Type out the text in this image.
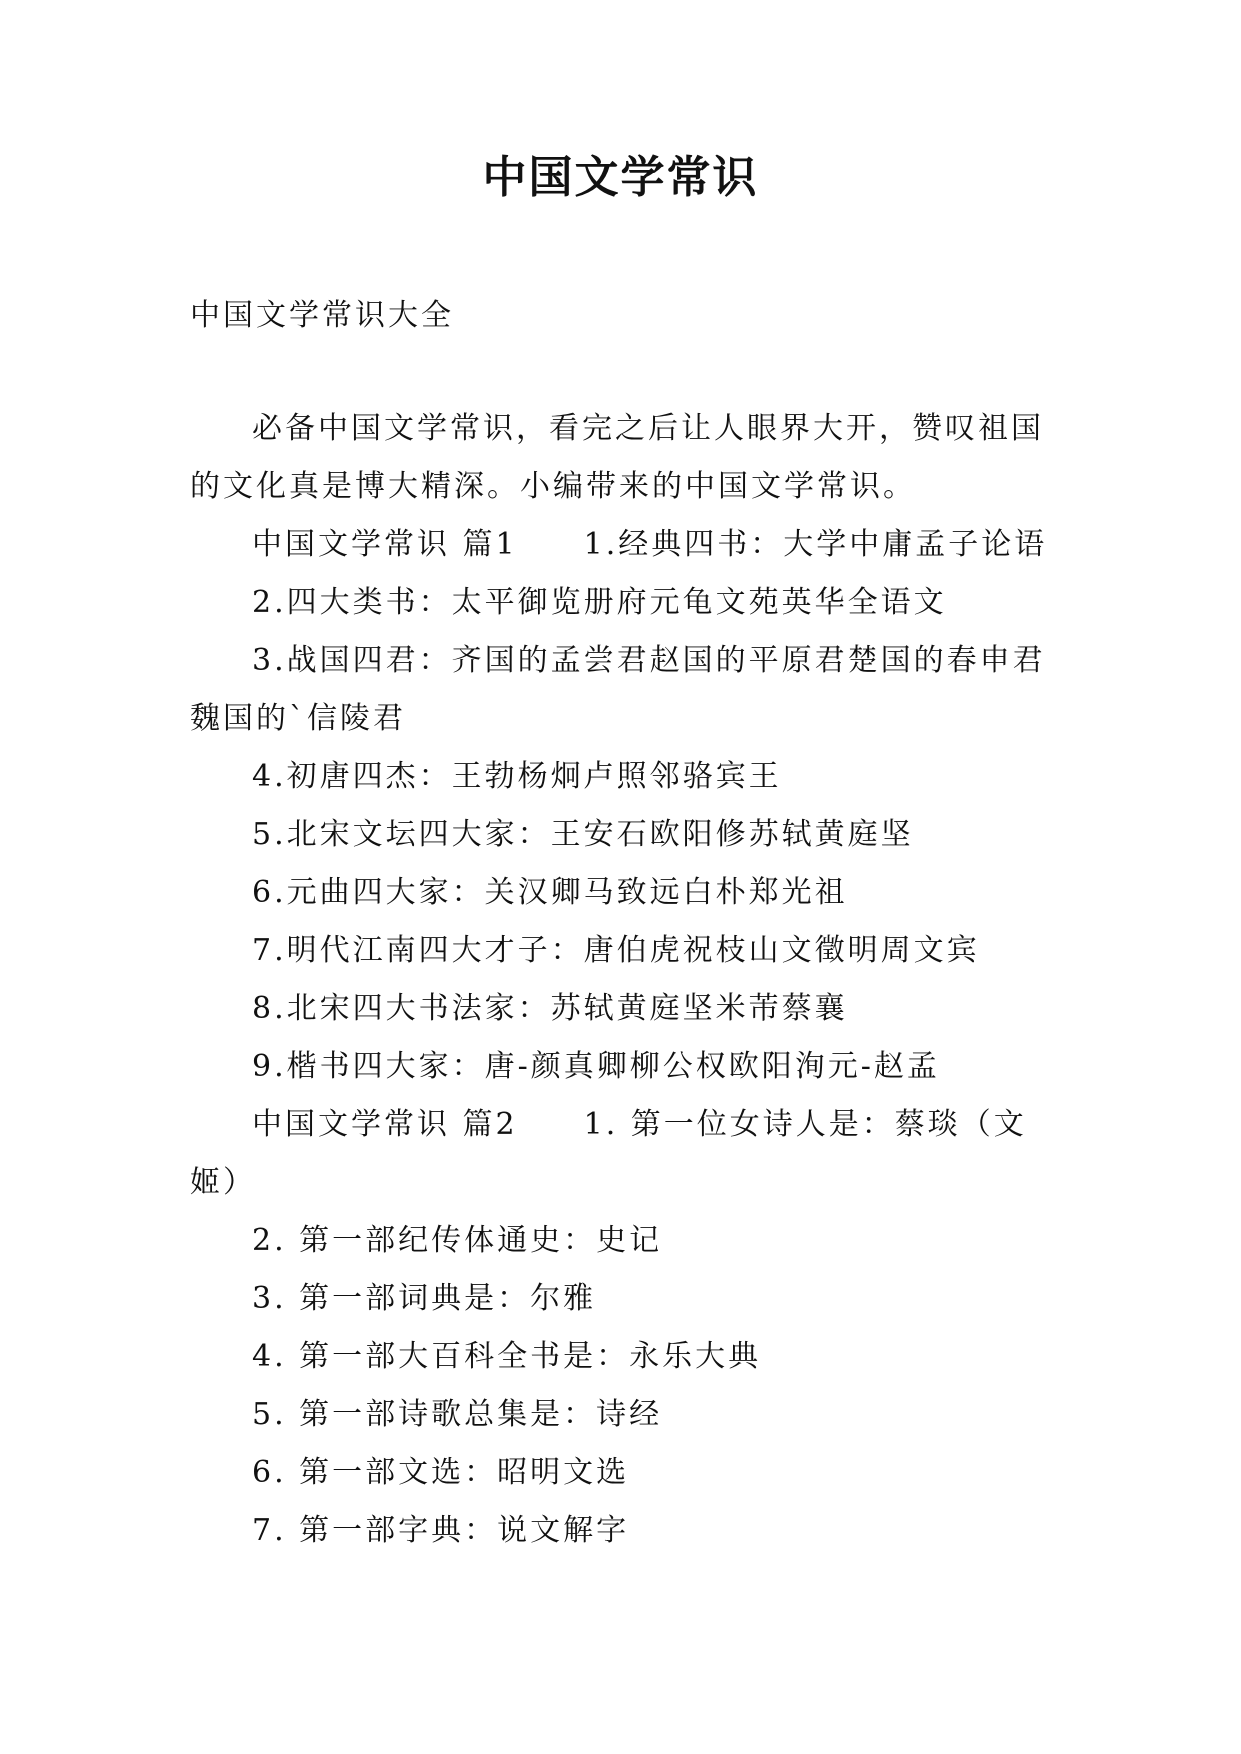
中国文学常识
中国文学常识大全

必备中国文学常识，看完之后让人眼界大开，赞叹祖国的文化真是博大精深。小编带来的中国文学常识。

中国文学常识 篇1　　1.经典四书：大学中庸孟子论语

2.四大类书：太平御览册府元龟文苑英华全语文

3.战国四君：齐国的孟尝君赵国的平原君楚国的春申君魏国的`信陵君

4.初唐四杰：王勃杨炯卢照邻骆宾王

5.北宋文坛四大家：王安石欧阳修苏轼黄庭坚

6.元曲四大家：关汉卿马致远白朴郑光祖

7.明代江南四大才子：唐伯虎祝枝山文徵明周文宾

8.北宋四大书法家：苏轼黄庭坚米芾蔡襄

9.楷书四大家：唐-颜真卿柳公权欧阳洵元-赵孟

中国文学常识 篇2　　1. 第一位女诗人是：蔡琰（文姬）

2. 第一部纪传体通史：史记

3. 第一部词典是：尔雅

4. 第一部大百科全书是：永乐大典

5. 第一部诗歌总集是：诗经

6. 第一部文选：昭明文选

7. 第一部字典：说文解字
